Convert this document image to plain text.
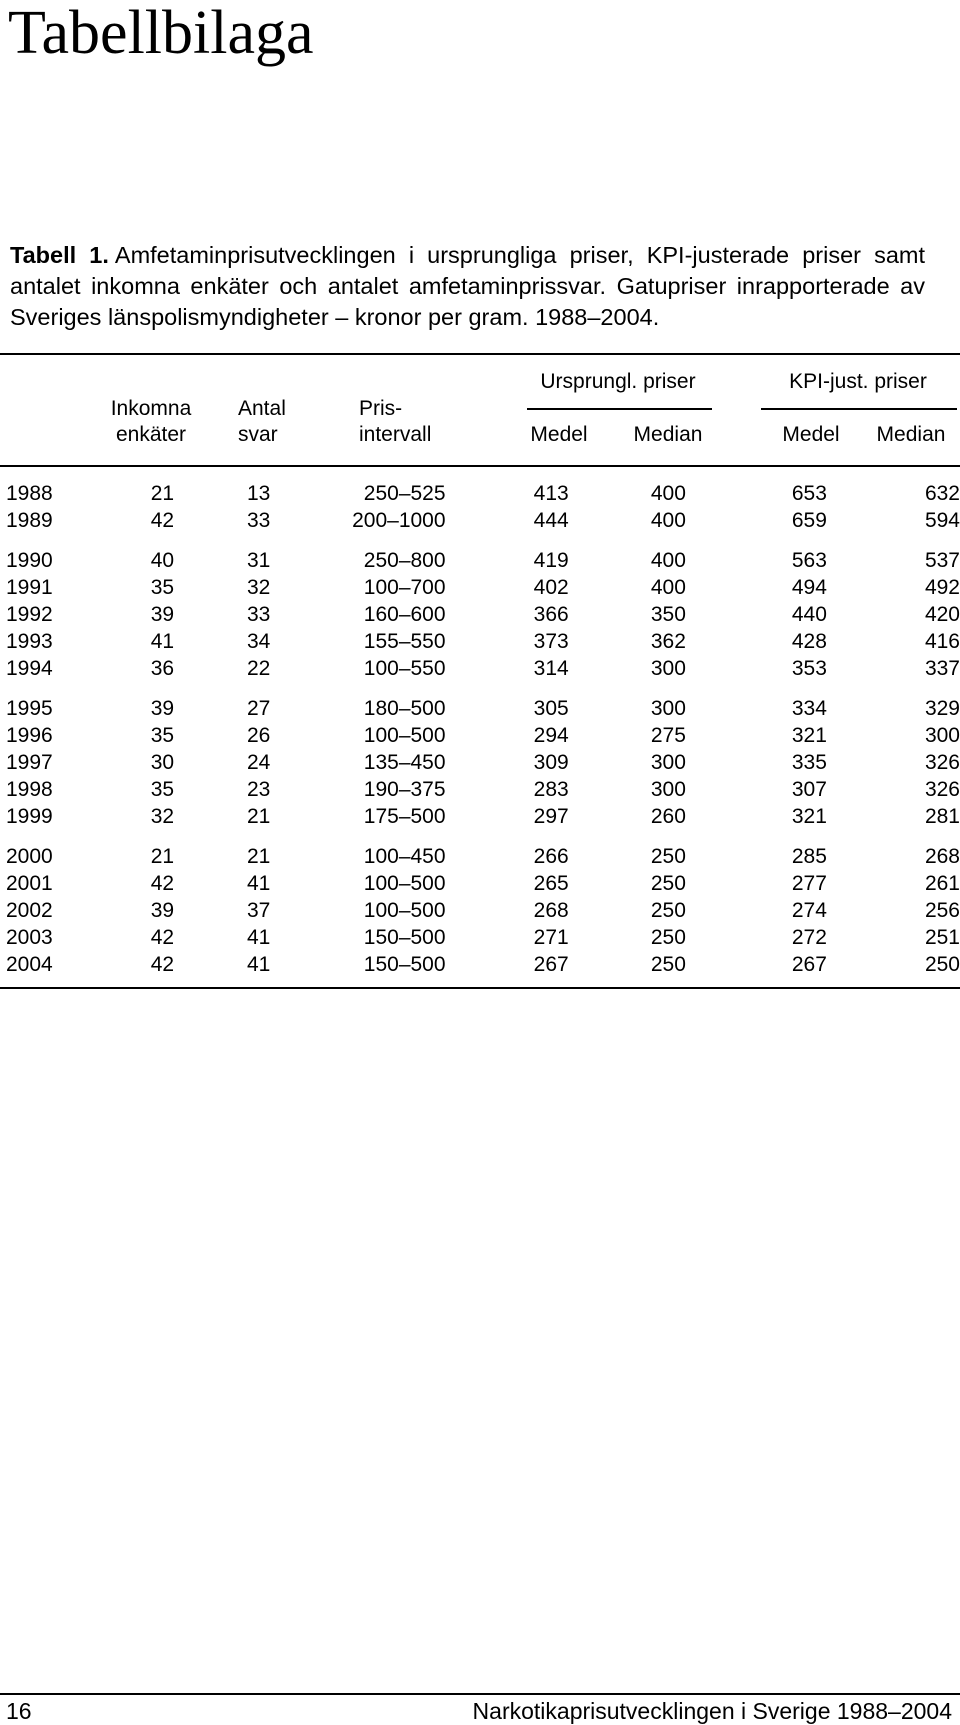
Tabellbilaga
Tabell 1. Amfetaminprisutvecklingen i ursprungliga priser, KPI-justerade priser samt antalet inkomna enkäter och antalet amfetaminprissvar. Gatupriser inrapporterade av Sveriges länspolismyndigheter – kronor per gram. 1988–2004.
Ursprungl. priser	KPI-just. priser
Inkomna
enkäter
Antal
svar
Pris-
intervall	Medel Median	Medel Median
1988	21	13	250–525	413	400	653	632
1989	42	33	200–1000	444	400	659	594
1990	40	31	250–800	419	400	563	537
1991	35	32	100–700	402	400	494	492
1992	39	33	160–600	366	350	440	420
1993	41	34	155–550	373	362	428	416
1994	36	22	100–550	314	300	353	337
1995	39	27	180–500	305	300	334	329
1996	35	26	100–500	294	275	321	300
1997	30	24	135–450	309	300	335	326
1998	35	23	190–375	283	300	307	326
1999	32	21	175–500	297	260	321	281
2000	21	21	100–450	266	250	285	268
2001	42	41	100–500	265	250	277	261
2002	39	37	100–500	268	250	274	256
2003	42	41	150–500	271	250	272	251
2004	42	41	150–500	267	250	267	250
16	Narkotikaprisutvecklingen i Sverige 1988–2004
